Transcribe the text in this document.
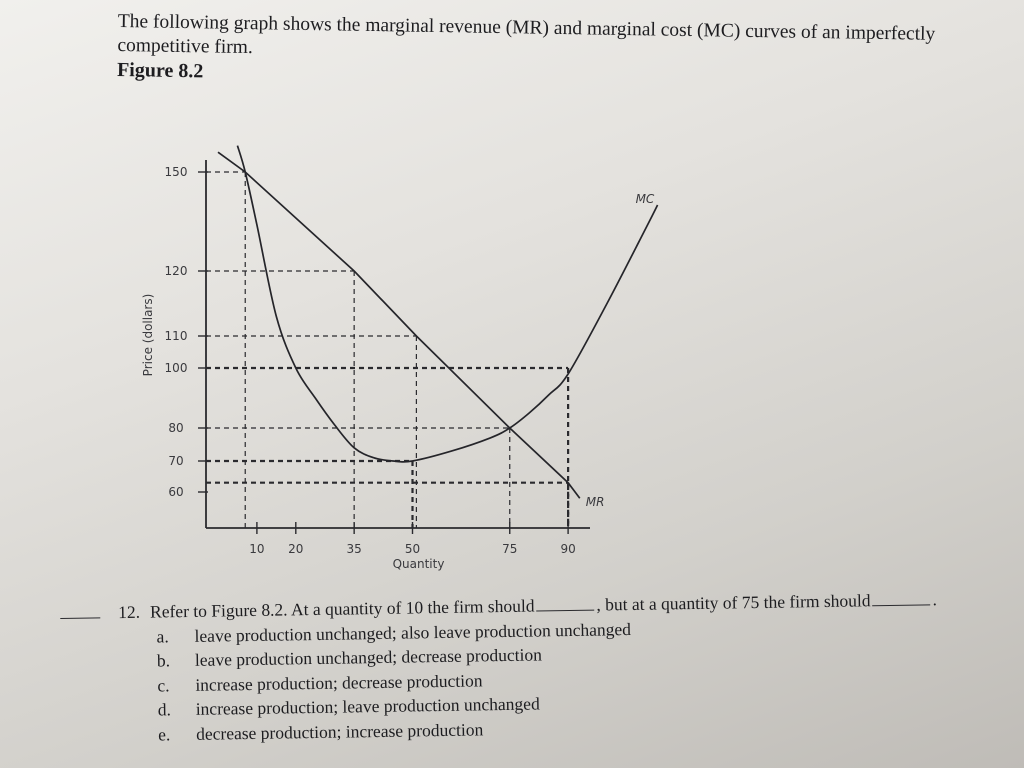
The following graph shows the marginal revenue (MR) and marginal cost (MC) curves of an imperfectly competitive firm.

Figure 8.2

150
120
110
100
80
70
60
10 20	35	50	75	90
Quantity
Price (dollars)
MC
MR
12. Refer to Figure 8.2. At a quantity of 10 the firm should	, but at a quantity of 75 the firm should	.
a.	leave production unchanged; also leave production unchanged
b.	leave production unchanged; decrease production
c.	increase production; decrease production
d.	increase production; leave production unchanged
e.	decrease production; increase production
